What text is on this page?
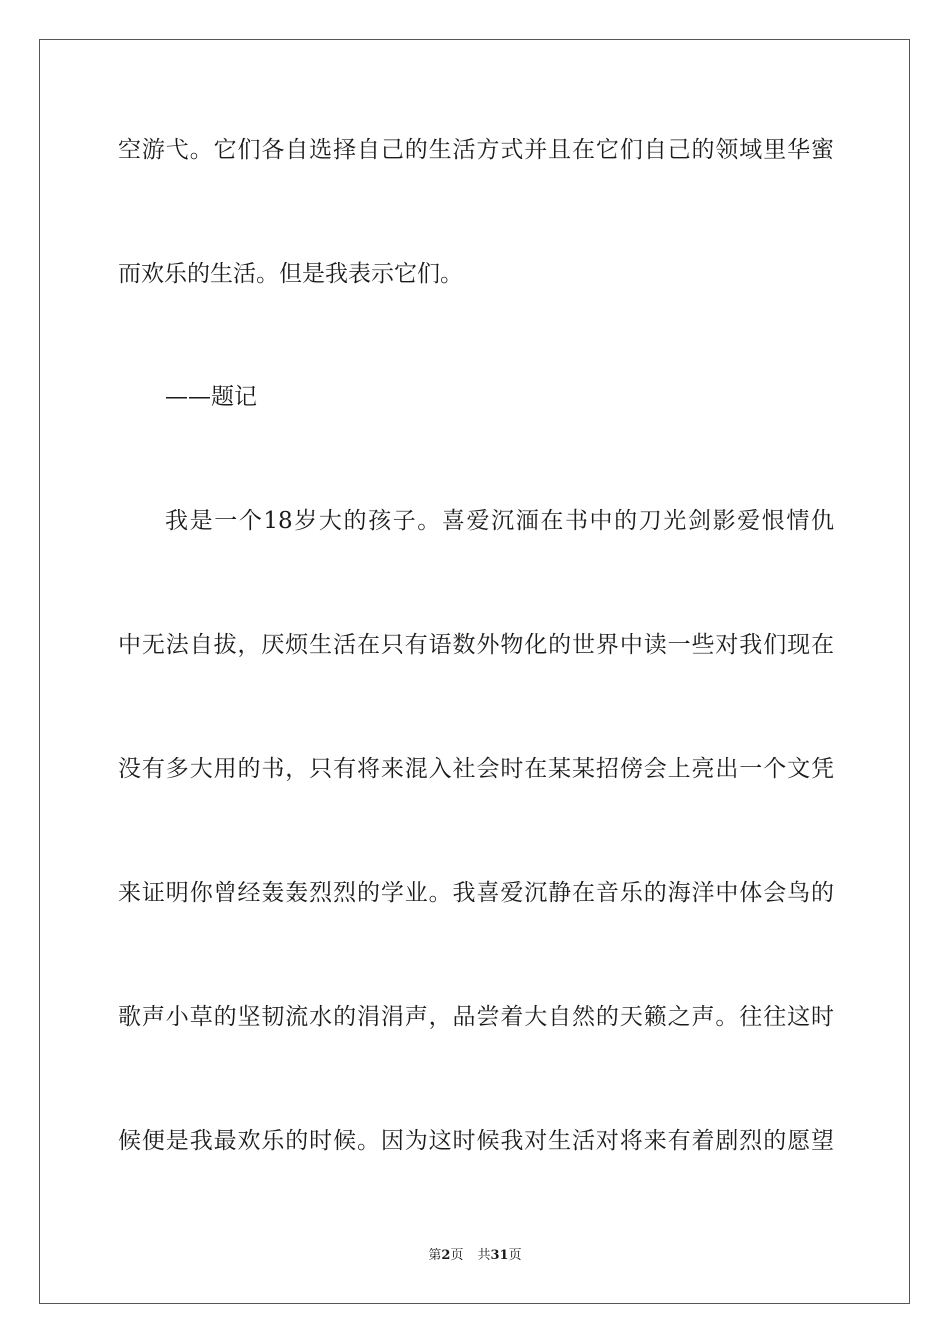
空游弋。它们各自选择自己的生活方式并且在它们自己的领域里华蜜
而欢乐的生活。但是我表示它们。
——题记
我是一个18岁大的孩子。喜爱沉湎在书中的刀光剑影爱恨情仇
中无法自拔，厌烦生活在只有语数外物化的世界中读一些对我们现在
没有多大用的书，只有将来混入社会时在某某招傍会上亮出一个文凭
来证明你曾经轰轰烈烈的学业。我喜爱沉静在音乐的海洋中体会鸟的
歌声小草的坚韧流水的涓涓声，品尝着大自然的天籁之声。往往这时
候便是我最欢乐的时候。因为这时候我对生活对将来有着剧烈的愿望
第2页 共31页
